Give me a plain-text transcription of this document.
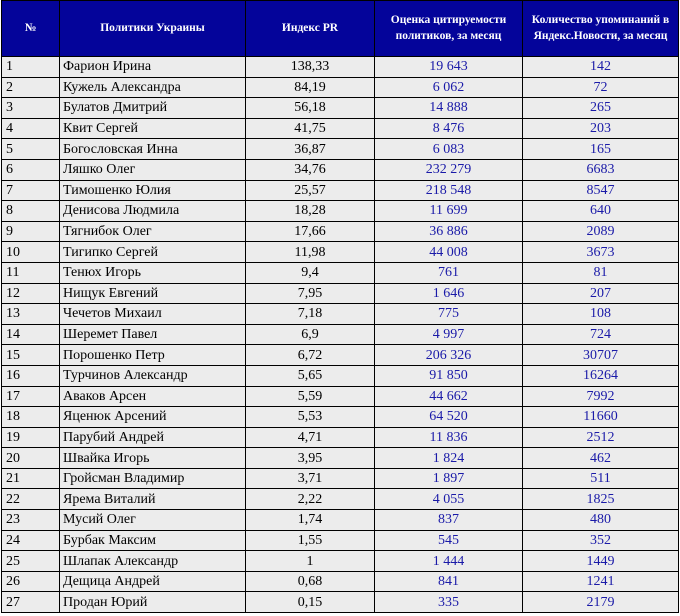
№	Политики Украины	Индекс PR	Оценка цитируемости политиков, за месяц	Количество упоминаний в Яндекс.Новости, за месяц
1	Фарион Ирина	138,33	19 643	142
2	Кужель Александра	84,19	6 062	72
3	Булатов Дмитрий	56,18	14 888	265
4	Квит Сергей	41,75	8 476	203
5	Богословская Инна	36,87	6 083	165
6	Ляшко Олег	34,76	232 279	6683
7	Тимошенко Юлия	25,57	218 548	8547
8	Денисова Людмила	18,28	11 699	640
9	Тягнибок Олег	17,66	36 886	2089
10	Тигипко Сергей	11,98	44 008	3673
11	Тенюх Игорь	9,4	761	81
12	Нищук Евгений	7,95	1 646	207
13	Чечетов Михаил	7,18	775	108
14	Шеремет Павел	6,9	4 997	724
15	Порошенко Петр	6,72	206 326	30707
16	Турчинов Александр	5,65	91 850	16264
17	Аваков Арсен	5,59	44 662	7992
18	Яценюк Арсений	5,53	64 520	11660
19	Парубий Андрей	4,71	11 836	2512
20	Швайка Игорь	3,95	1 824	462
21	Гройсман Владимир	3,71	1 897	511
22	Ярема Виталий	2,22	4 055	1825
23	Мусий Олег	1,74	837	480
24	Бурбак Максим	1,55	545	352
25	Шлапак Александр	1	1 444	1449
26	Дещица Андрей	0,68	841	1241
27	Продан Юрий	0,15	335	2179
